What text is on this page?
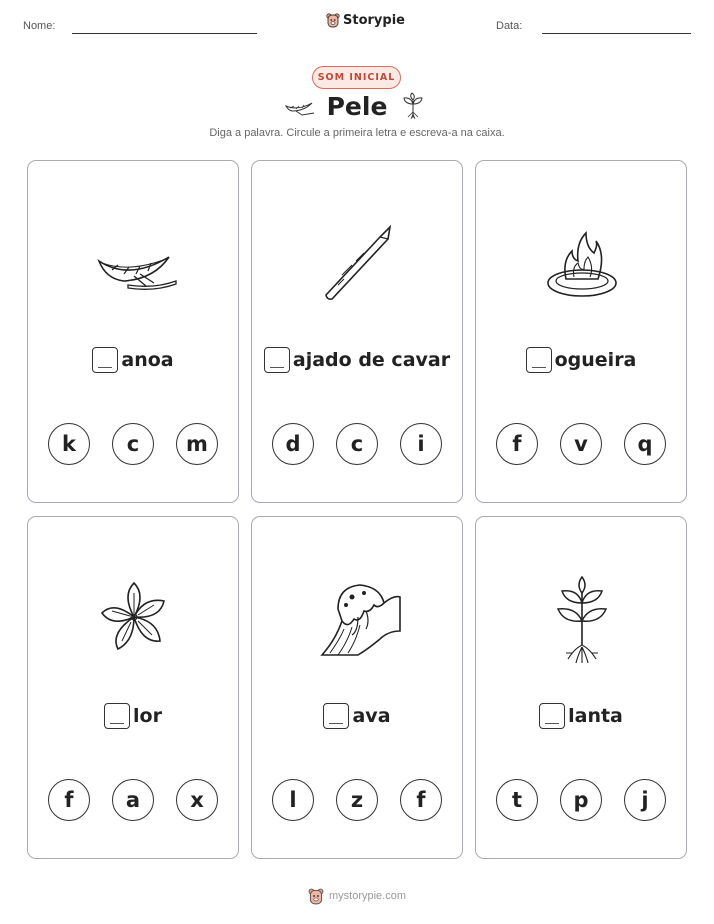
Nome:	Storypie	Data:
SOM INICIAL
Pele
Diga a palavra. Circule a primeira letra e escreva-a na caixa.
anoa
k	c	m
ajado de cavar
d	c	i
ogueira
f	v	q
lor
f	a	x
ava
l	z	f
lanta
t	p	j
mystorypie.com
